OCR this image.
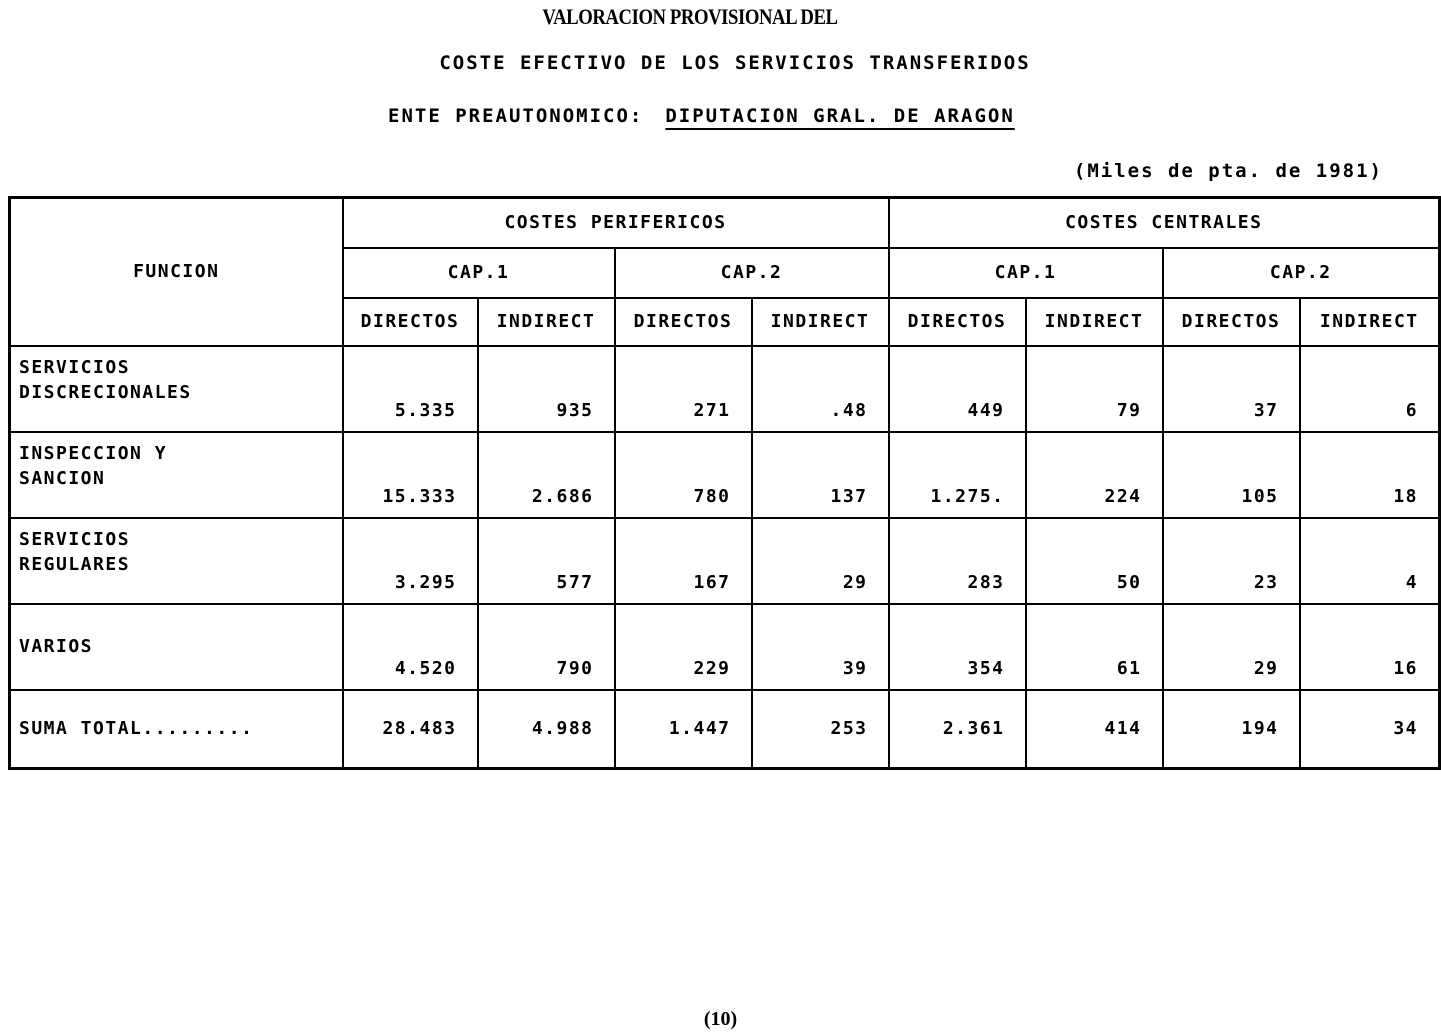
VALORACION PROVISIONAL DEL
COSTE EFECTIVO DE LOS SERVICIOS TRANSFERIDOS
ENTE PREAUTONOMICO: DIPUTACION GRAL. DE ARAGON
(Miles de pta. de 1981)
FUNCION	COSTES PERIFERICOS				COSTES CENTRALES			
	CAP.1		CAP.2		CAP.1		CAP.2	
	DIRECTOS	INDIRECT	DIRECTOS	INDIRECT	DIRECTOS	INDIRECT	DIRECTOS	INDIRECT

SERVICIOS
DISCRECIONALES	5.335	935	271	.48	449	79	37	6

INSPECCION Y
SANCION	15.333	2.686	780	137	1.275.	224	105	18

SERVICIOS
REGULARES	3.295	577	167	29	283	50	23	4

VARIOS	4.520	790	229	39	354	61	29	16
SUMA TOTAL.........	28.483	4.988	1.447	253	2.361	414	194	34
(10)
